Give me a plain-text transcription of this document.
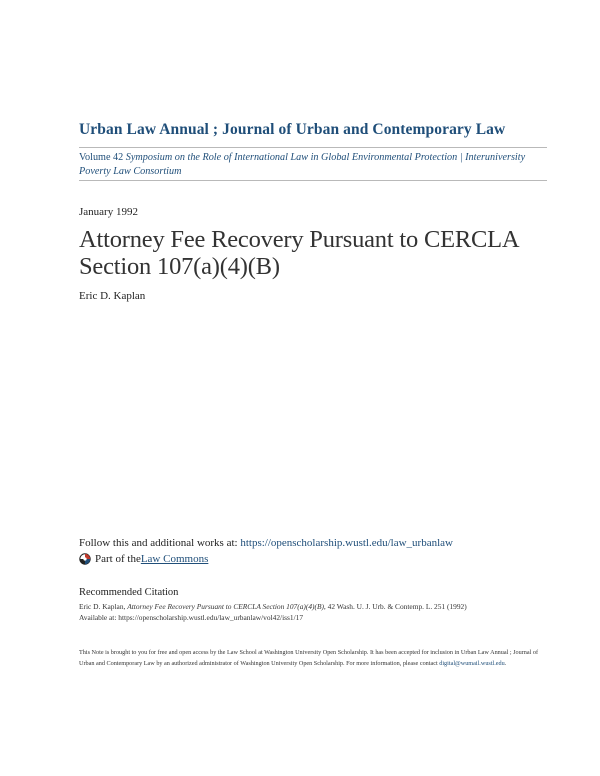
Urban Law Annual ; Journal of Urban and Contemporary Law
Volume 42 Symposium on the Role of International Law in Global Environmental Protection | Interuniversity Poverty Law Consortium
January 1992
Attorney Fee Recovery Pursuant to CERCLA
Section 107(a)(4)(B)
Eric D. Kaplan
Follow this and additional works at: https://openscholarship.wustl.edu/law_urbanlaw
Part of the Law Commons
Recommended Citation
Eric D. Kaplan, Attorney Fee Recovery Pursuant to CERCLA Section 107(a)(4)(B), 42 Wash. U. J. Urb. & Contemp. L. 251 (1992)
Available at: https://openscholarship.wustl.edu/law_urbanlaw/vol42/iss1/17
This Note is brought to you for free and open access by the Law School at Washington University Open Scholarship. It has been accepted for inclusion in Urban Law Annual ; Journal of Urban and Contemporary Law by an authorized administrator of Washington University Open Scholarship. For more information, please contact digital@wumail.wustl.edu.
